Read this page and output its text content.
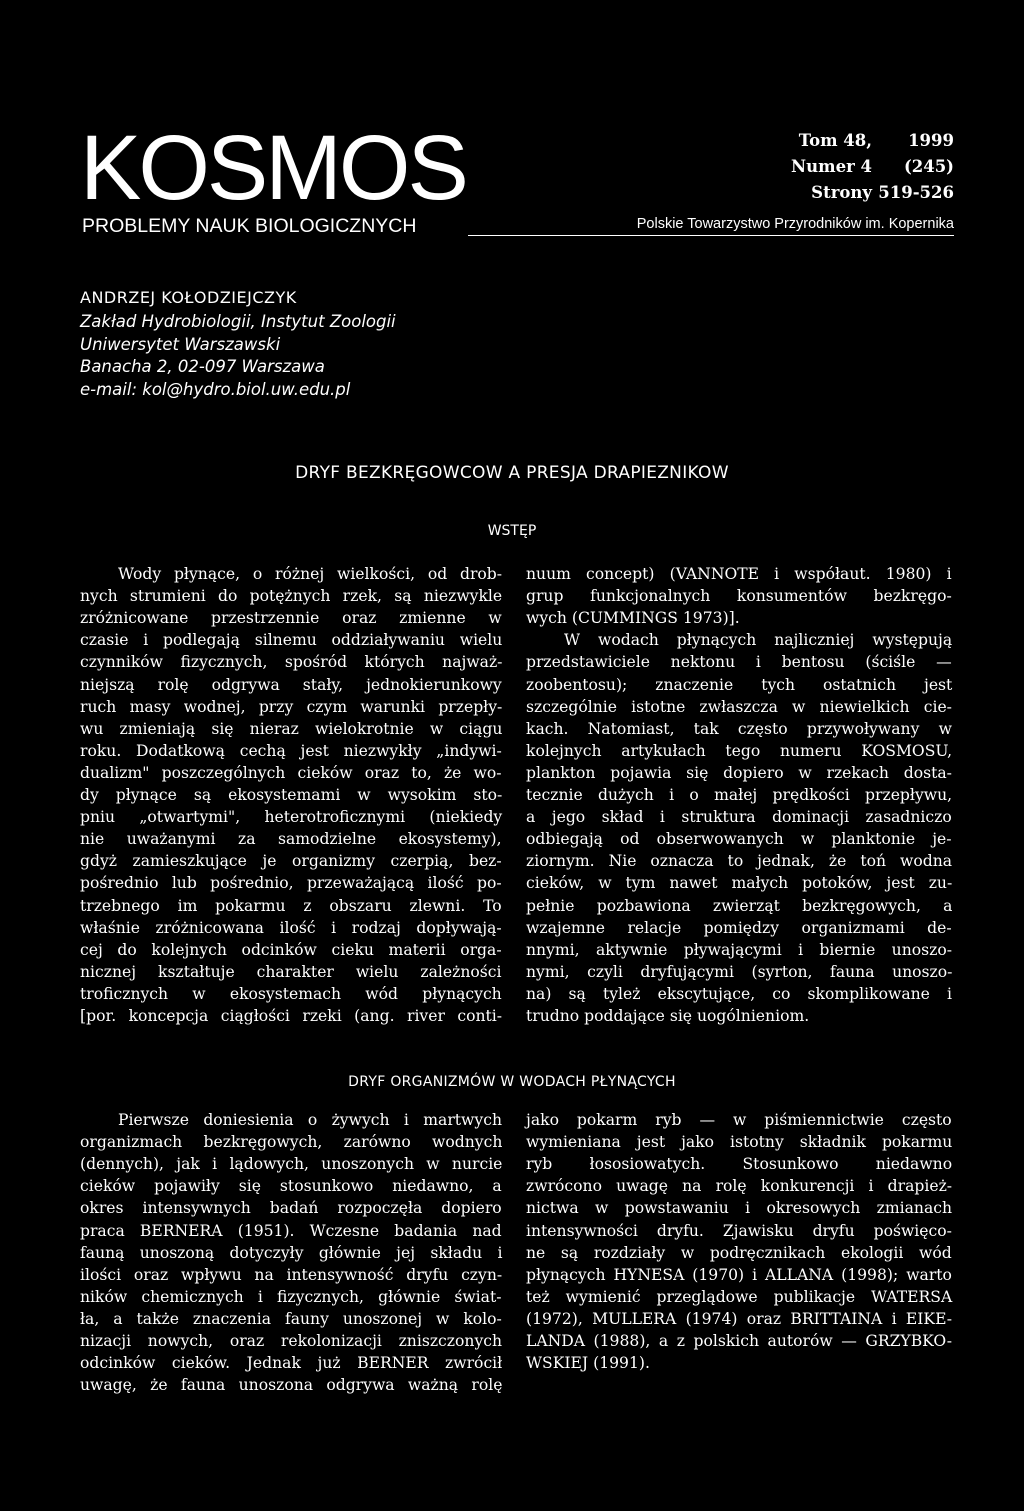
KOSMOS
PROBLEMY NAUK BIOLOGICZNYCH
Tom 48,	1999
Numer 4	(245)
Strony 519-526
Polskie Towarzystwo Przyrodników im. Kopernika
ANDRZEJ KOŁODZIEJCZYK
Zakład Hydrobiologii, Instytut Zoologii
Uniwersytet Warszawski
Banacha 2, 02-097 Warszawa
e-mail: kol@hydro.biol.uw.edu.pl
DRYF BEZKRĘGOWCOW A PRESJA DRAPIEZNIKOW
WSTĘP
DRYF ORGANIZMÓW W WODACH PŁYNĄCYCH
Wody płynące, o różnej wielkości, od drob-
nych strumieni do potężnych rzek, są niezwykle
zróżnicowane przestrzennie oraz zmienne w
czasie i podlegają silnemu oddziaływaniu wielu
czynników fizycznych, spośród których najważ-
niejszą rolę odgrywa stały, jednokierunkowy
ruch masy wodnej, przy czym warunki przepły-
wu zmieniają się nieraz wielokrotnie w ciągu
roku. Dodatkową cechą jest niezwykły „indywi-
dualizm" poszczególnych cieków oraz to, że wo-
dy płynące są ekosystemami w wysokim sto-
pniu „otwartymi", heterotroficznymi (niekiedy
nie uważanymi za samodzielne ekosystemy),
gdyż zamieszkujące je organizmy czerpią, bez-
pośrednio lub pośrednio, przeważającą ilość po-
trzebnego im pokarmu z obszaru zlewni. To
właśnie zróżnicowana ilość i rodzaj dopływają-
cej do kolejnych odcinków cieku materii orga-
nicznej kształtuje charakter wielu zależności
troficznych w ekosystemach wód płynących
[por. koncepcja ciągłości rzeki (ang. river conti-
nuum concept) (VANNOTE i współaut. 1980) i
grup funkcjonalnych konsumentów bezkręgo-
wych (CUMMINGS 1973)].
W wodach płynących najliczniej występują
przedstawiciele nektonu i bentosu (ściśle —
zoobentosu); znaczenie tych ostatnich jest
szczególnie istotne zwłaszcza w niewielkich cie-
kach. Natomiast, tak często przywoływany w
kolejnych artykułach tego numeru KOSMOSU,
plankton pojawia się dopiero w rzekach dosta-
tecznie dużych i o małej prędkości przepływu,
a jego skład i struktura dominacji zasadniczo
odbiegają od obserwowanych w planktonie je-
ziornym. Nie oznacza to jednak, że toń wodna
cieków, w tym nawet małych potoków, jest zu-
pełnie pozbawiona zwierząt bezkręgowych, a
wzajemne relacje pomiędzy organizmami de-
nnymi, aktywnie pływającymi i biernie unoszo-
nymi, czyli dryfującymi (syrton, fauna unoszo-
na) są tyleż ekscytujące, co skomplikowane i
trudno poddające się uogólnieniom.
Pierwsze doniesienia o żywych i martwych
organizmach bezkręgowych, zarówno wodnych
(dennych), jak i lądowych, unoszonych w nurcie
cieków pojawiły się stosunkowo niedawno, a
okres intensywnych badań rozpoczęła dopiero
praca BERNERA (1951). Wczesne badania nad
fauną unoszoną dotyczyły głównie jej składu i
ilości oraz wpływu na intensywność dryfu czyn-
ników chemicznych i fizycznych, głównie świat-
ła, a także znaczenia fauny unoszonej w kolo-
nizacji nowych, oraz rekolonizacji zniszczonych
odcinków cieków. Jednak już BERNER zwrócił
uwagę, że fauna unoszona odgrywa ważną rolę
jako pokarm ryb — w piśmiennictwie często
wymieniana jest jako istotny składnik pokarmu
ryb łososiowatych. Stosunkowo niedawno
zwrócono uwagę na rolę konkurencji i drapież-
nictwa w powstawaniu i okresowych zmianach
intensywności dryfu. Zjawisku dryfu poświęco-
ne są rozdziały w podręcznikach ekologii wód
płynących HYNESA (1970) i ALLANA (1998); warto
też wymienić przeglądowe publikacje WATERSA
(1972), MULLERA (1974) oraz BRITTAINA i EIKE-
LANDA (1988), a z polskich autorów — GRZYBKO-
WSKIEJ (1991).
